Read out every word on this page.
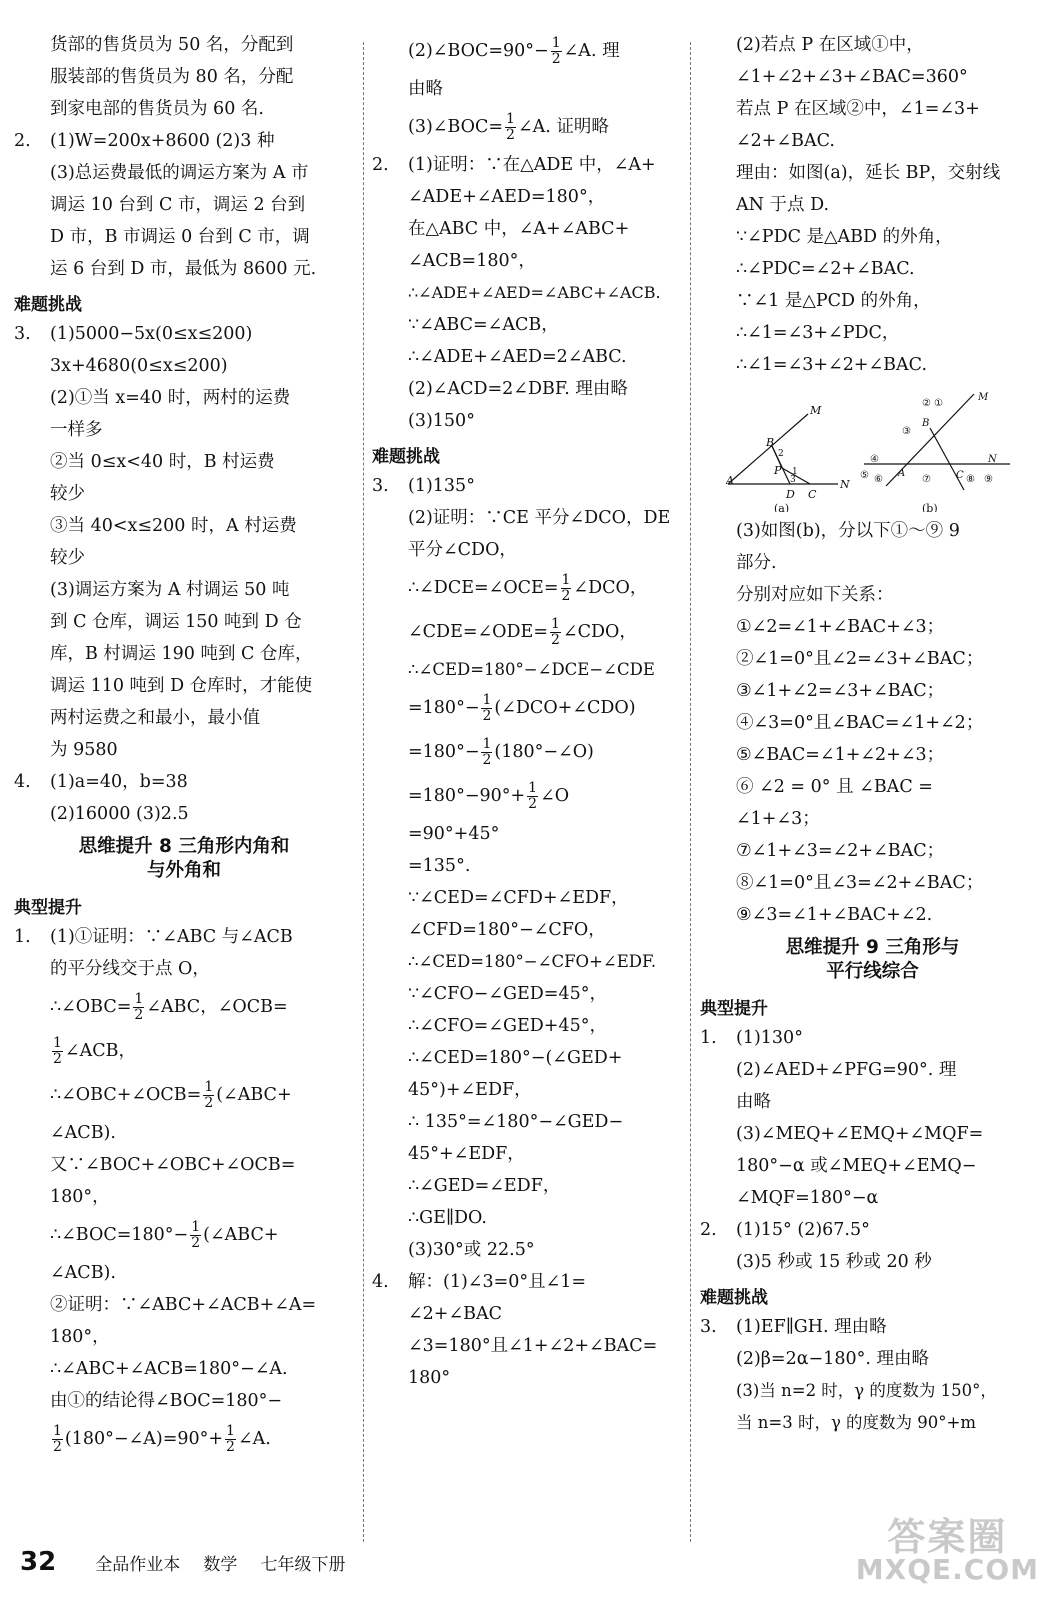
货部的售货员为 50 名，分配到
服装部的售货员为 80 名，分配
到家电部的售货员为 60 名.
2. (1)W=200x+8600 (2)3 种
(3)总运费最低的调运方案为 A 市
调运 10 台到 C 市，调运 2 台到
D 市，B 市调运 0 台到 C 市，调
运 6 台到 D 市，最低为 8600 元.
难题挑战
3. (1)5000−5x(0≤x≤200)
3x+4680(0≤x≤200)
(2)①当 x=40 时，两村的运费
一样多
②当 0≤x<40 时，B 村运费
较少
③当 40<x≤200 时，A 村运费
较少
(3)调运方案为 A 村调运 50 吨
到 C 仓库，调运 150 吨到 D 仓
库，B 村调运 190 吨到 C 仓库，
调运 110 吨到 D 仓库时，才能使
两村运费之和最小，最小值
为 9580
4. (1)a=40，b=38
(2)16000 (3)2.5
思维提升 8 三角形内角和
与外角和
典型提升
1. (1)①证明：∵∠ABC 与∠ACB
的平分线交于点 O，
∴∠OBC= $\frac{1}{2}$ ∠ABC，∠OCB=
$\frac{1}{2}$ ∠ACB，
∴∠OBC+∠OCB= $\frac{1}{2}$ (∠ABC+
∠ACB).
又∵∠BOC+∠OBC+∠OCB=
180°，
∴∠BOC=180°− $\frac{1}{2}$ (∠ABC+
∠ACB).
②证明：∵∠ABC+∠ACB+∠A=
180°，
∴∠ABC+∠ACB=180°−∠A.
由①的结论得∠BOC=180°−
$\frac{1}{2}$ (180°−∠A)=90°+ $\frac{1}{2}$ ∠A.
(2)∠BOC=90°− $\frac{1}{2}$ ∠A. 理
由略
(3)∠BOC= $\frac{1}{2}$ ∠A. 证明略
2. (1)证明：∵在△ADE 中，∠A+
∠ADE+∠AED=180°，
在△ABC 中，∠A+∠ABC+
∠ACB=180°，
∴∠ADE+∠AED=∠ABC+∠ACB.
∵∠ABC=∠ACB，
∴∠ADE+∠AED=2∠ABC.
(2)∠ACD=2∠DBF. 理由略
(3)150°
难题挑战
3. (1)135°
(2)证明：∵CE 平分∠DCO，DE
平分∠CDO，
∴∠DCE=∠OCE= $\frac{1}{2}$ ∠DCO，
∠CDE=∠ODE= $\frac{1}{2}$ ∠CDO，
∴∠CED=180°−∠DCE−∠CDE
$=180^\circ- \frac{1}{2}$ (∠DCO+∠CDO)
$=180^\circ- \frac{1}{2}$ (180°−∠O)
$=180^\circ-90^\circ+ \frac{1}{2}$ ∠O
=90°+45°
=135°.
∵∠CED=∠CFD+∠EDF，
∠CFD=180°−∠CFO，
∴∠CED=180°−∠CFO+∠EDF.
∵∠CFO−∠GED=45°，
∴∠CFO=∠GED+45°，
∴∠CED=180°−(∠GED+
45°)+∠EDF，
∴ 135°=∠180°−∠GED−
45°+∠EDF，
∴∠GED=∠EDF，
∴GE∥DO.
(3)30°或 22.5°
4. 解：(1)∠3=0°且∠1=
∠2+∠BAC
∠3=180°且∠1+∠2+∠BAC=
180°
(2)若点 P 在区域①中，
∠1+∠2+∠3+∠BAC=360°
若点 P 在区域②中，∠1=∠3+
∠2+∠BAC.
理由：如图(a)，延长 BP，交射线
AN 于点 D.
∵∠PDC 是△ABD 的外角，
∴∠PDC=∠2+∠BAC.
∵∠1 是△PCD 的外角，
∴∠1=∠3+∠PDC，
∴∠1=∠3+∠2+∠BAC.
A
B
C
D
P
M
N
1
2
3
(a)
A
B
C
M
N
② ①
③
④
⑤ ⑥	⑦	⑧ ⑨
(b)
(3)如图(b)，分以下①～⑨ 9
部分.
分别对应如下关系：
①∠2=∠1+∠BAC+∠3；
②∠1=0°且∠2=∠3+∠BAC；
③∠1+∠2=∠3+∠BAC；
④∠3=0°且∠BAC=∠1+∠2；
⑤∠BAC=∠1+∠2+∠3；
⑥ ∠2 = 0° 且 ∠BAC =
∠1+∠3；
⑦∠1+∠3=∠2+∠BAC；
⑧∠1=0°且∠3=∠2+∠BAC；
⑨∠3=∠1+∠BAC+∠2.
思维提升 9 三角形与
平行线综合
典型提升
1. (1)130°
(2)∠AED+∠PFG=90°. 理
由略
(3)∠MEQ+∠EMQ+∠MQF=
180°−α 或∠MEQ+∠EMQ−
∠MQF=180°−α
2. (1)15° (2)67.5°
(3)5 秒或 15 秒或 20 秒
难题挑战
3. (1)EF∥GH. 理由略
(2)β=2α−180°. 理由略
(3)当 n=2 时，γ 的度数为 150°，
当 n=3 时，γ 的度数为 90°+m
32 全品作业本 数学 七年级下册
答案圈
MXQE.COM
